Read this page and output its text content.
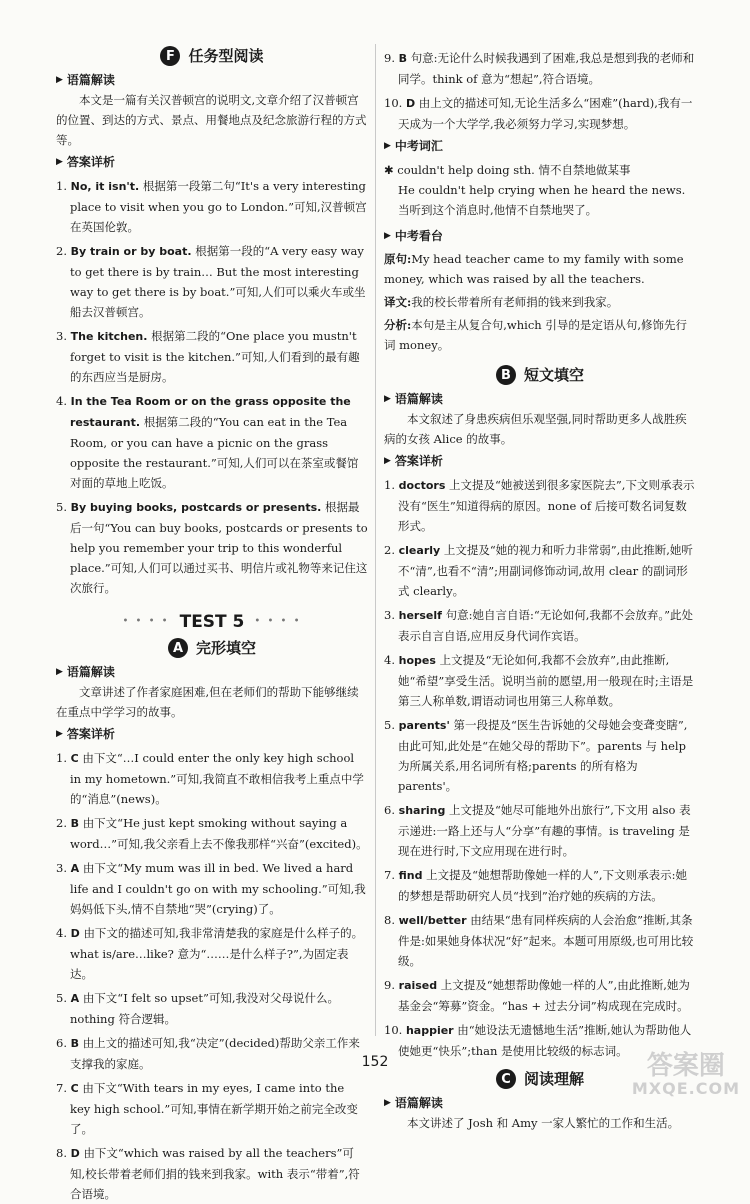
F 任务型阅读
▶ 语篇解读

本文是一篇有关汉普顿宫的说明文,文章介绍了汉普顿宫的位置、到达的方式、景点、用餐地点及纪念旅游行程的方式等。

▶ 答案详析

1. No, it isn't. 根据第一段第二句“It's a very interesting place to visit when you go to London.”可知,汉普顿宫在英国伦敦。

2. By train or by boat. 根据第一段的“A very easy way to get there is by train… But the most interesting way to get there is by boat.”可知,人们可以乘火车或坐船去汉普顿宫。

3. The kitchen. 根据第二段的“One place you mustn't forget to visit is the kitchen.”可知,人们看到的最有趣的东西应当是厨房。

4. In the Tea Room or on the grass opposite the restaurant. 根据第二段的“You can eat in the Tea Room, or you can have a picnic on the grass opposite the restaurant.”可知,人们可以在茶室或餐馆对面的草地上吃饭。

5. By buying books, postcards or presents. 根据最后一句“You can buy books, postcards or presents to help you remember your trip to this wonderful place.”可知,人们可以通过买书、明信片或礼物等来记住这次旅行。

• • • • TEST 5 • • • •
A 完形填空
▶ 语篇解读

文章讲述了作者家庭困难,但在老师们的帮助下能够继续在重点中学学习的故事。

▶ 答案详析

1. C 由下文“…I could enter the only key high school in my hometown.”可知,我简直不敢相信我考上重点中学的“消息”(news)。

2. B 由下文“He just kept smoking without saying a word…”可知,我父亲看上去不像我那样“兴奋”(excited)。

3. A 由下文“My mum was ill in bed. We lived a hard life and I couldn't go on with my schooling.”可知,我妈妈低下头,情不自禁地“哭”(crying)了。

4. D 由下文的描述可知,我非常清楚我的家庭是什么样子的。what is/are…like? 意为“……是什么样子?”,为固定表达。

5. A 由下文“I felt so upset”可知,我没对父母说什么。nothing 符合逻辑。

6. B 由上文的描述可知,我“决定”(decided)帮助父亲工作来支撑我的家庭。

7. C 由下文“With tears in my eyes, I came into the key high school.”可知,事情在新学期开始之前完全改变了。

8. D 由下文“which was raised by all the teachers”可知,校长带着老师们捐的钱来到我家。with 表示“带着”,符合语境。

9. B 句意:无论什么时候我遇到了困难,我总是想到我的老师和同学。think of 意为“想起”,符合语境。

10. D 由上文的描述可知,无论生活多么“困难”(hard),我有一天成为一个大学学,我必须努力学习,实现梦想。

▶ 中考词汇

✱ couldn't help doing sth. 情不自禁地做某事

He couldn't help crying when he heard the news.

当听到这个消息时,他情不自禁地哭了。

▶ 中考看台

原句:My head teacher came to my family with some money, which was raised by all the teachers.

译文:我的校长带着所有老师捐的钱来到我家。

分析:本句是主从复合句,which 引导的是定语从句,修饰先行词 money。

B 短文填空
▶ 语篇解读

本文叙述了身患疾病但乐观坚强,同时帮助更多人战胜疾病的女孩 Alice 的故事。

▶ 答案详析

1. doctors 上文提及“她被送到很多家医院去”,下文则承表示没有“医生”知道得病的原因。none of 后接可数名词复数形式。

2. clearly 上文提及“她的视力和听力非常弱”,由此推断,她听不“清”,也看不“清”;用副词修饰动词,故用 clear 的副词形式 clearly。

3. herself 句意:她自言自语:“无论如何,我都不会放弃。”此处表示自言自语,应用反身代词作宾语。

4. hopes 上文提及“无论如何,我都不会放弃”,由此推断,她“希望”享受生活。说明当前的愿望,用一般现在时;主语是第三人称单数,谓语动词也用第三人称单数。

5. parents' 第一段提及“医生告诉她的父母她会变聋变瞎”,由此可知,此处是“在她父母的帮助下”。parents 与 help 为所属关系,用名词所有格;parents 的所有格为 parents'。

6. sharing 上文提及“她尽可能地外出旅行”,下文用 also 表示递进:一路上还与人“分享”有趣的事情。is traveling 是现在进行时,下文应用现在进行时。

7. find 上文提及“她想帮助像她一样的人”,下文则承表示:她的梦想是帮助研究人员“找到”治疗她的疾病的方法。

8. well/better 由结果“患有同样疾病的人会治愈”推断,其条件是:如果她身体状况“好”起来。本题可用原级,也可用比较级。

9. raised 上文提及“她想帮助像她一样的人”,由此推断,她为基金会“筹募”资金。“has + 过去分词”构成现在完成时。

10. happier 由“她设法无遗憾地生活”推断,她认为帮助他人使她更“快乐”;than 是使用比较级的标志词。

C 阅读理解
▶ 语篇解读

本文讲述了 Josh 和 Amy 一家人繁忙的工作和生活。

152	答案圈
MXQE.COM
